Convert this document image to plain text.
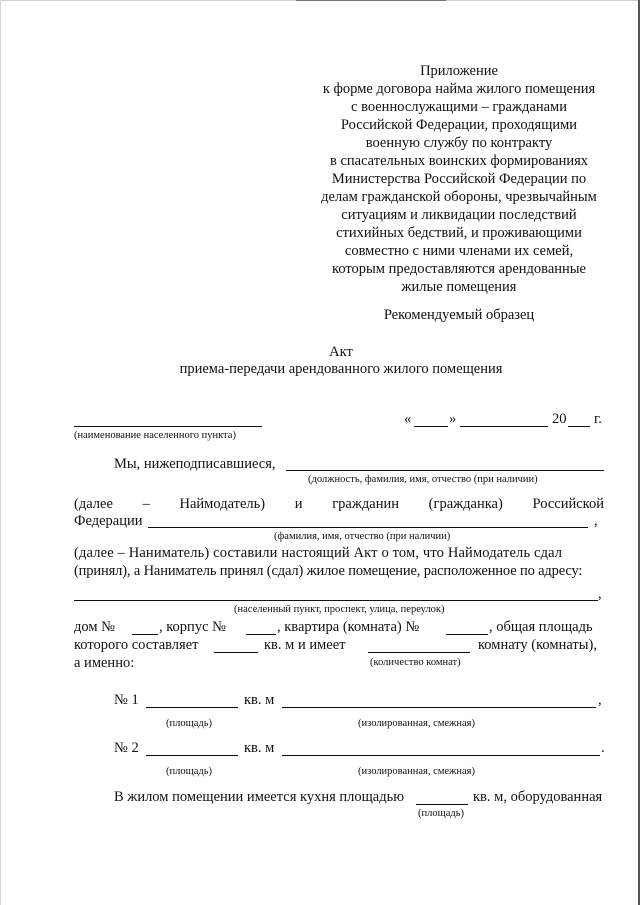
Приложение
к форме договора найма жилого помещения
с военнослужащими – гражданами
Российской Федерации, проходящими
военную службу по контракту
в спасательных воинских формированиях
Министерства Российской Федерации по
делам гражданской обороны, чрезвычайным
ситуациям и ликвидации последствий
стихийных бедствий, и проживающими
совместно с ними членами их семей,
которым предоставляются арендованные
жилые помещения
Рекомендуемый образец
Акт
приема-передачи арендованного жилого помещения
(наименование населенного пункта)
«	»	20 г.
Мы, нижеподписавшиеся,
(должность, фамилия, имя, отчество (при наличии)
(далее – Наймодатель) и гражданин (гражданка) Российской
Федерации	,
(фамилия, имя, отчество (при наличии)
(далее – Наниматель) составили настоящий Акт о том, что Наймодатель сдал
(принял), а Наниматель принял (сдал) жилое помещение, расположенное по адресу:
,
(населенный пункт, проспект, улица, переулок)
дом №	, корпус №	, квартира (комната) №	, общая площадь
которого составляет	кв. м и имеет	комнату (комнаты),
а именно:	(количество комнат)
№ 1	кв. м	,
(площадь)	(изолированная, смежная)
№ 2	кв. м	.
(площадь)	(изолированная, смежная)
В жилом помещении имеется кухня площадью	кв. м, оборудованная
(площадь)
